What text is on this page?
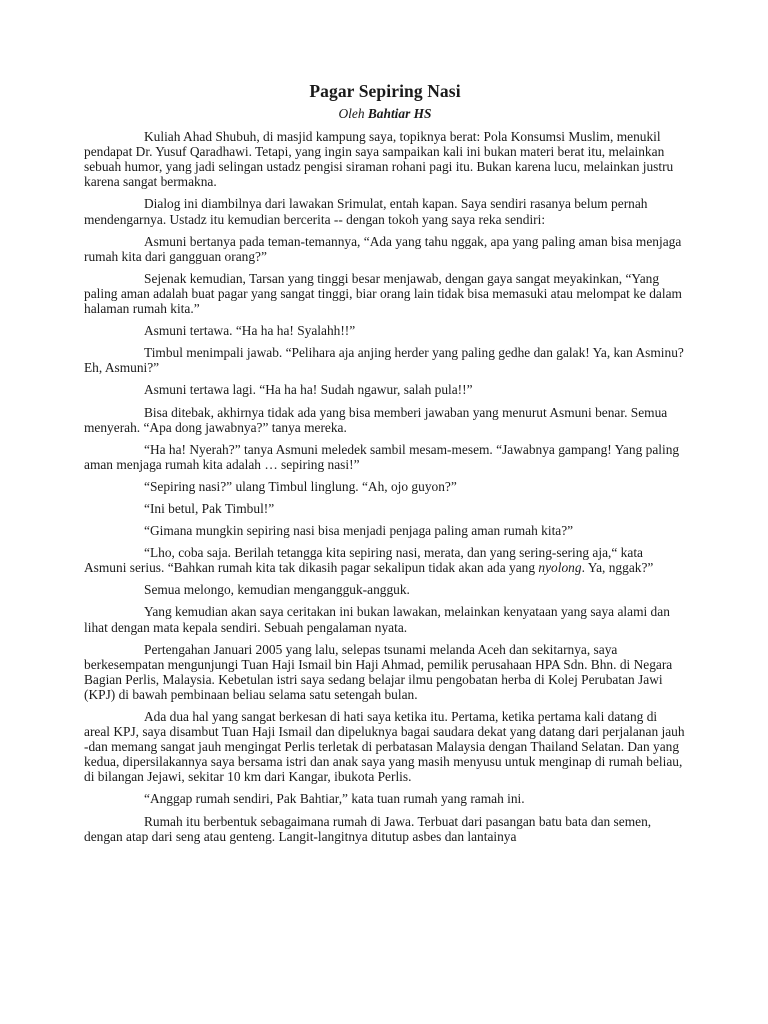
Pagar Sepiring Nasi
Oleh Bahtiar HS

Kuliah Ahad Shubuh, di masjid kampung saya, topiknya berat: Pola Konsumsi Muslim, menukil pendapat Dr. Yusuf Qaradhawi. Tetapi, yang ingin saya sampaikan kali ini bukan materi berat itu, melainkan sebuah humor, yang jadi selingan ustadz pengisi siraman rohani pagi itu. Bukan karena lucu, melainkan justru karena sangat bermakna.

Dialog ini diambilnya dari lawakan Srimulat, entah kapan. Saya sendiri rasanya belum pernah mendengarnya. Ustadz itu kemudian bercerita -- dengan tokoh yang saya reka sendiri:

Asmuni bertanya pada teman-temannya, “Ada yang tahu nggak, apa yang paling aman bisa menjaga rumah kita dari gangguan orang?”

Sejenak kemudian, Tarsan yang tinggi besar menjawab, dengan gaya sangat meyakinkan, “Yang paling aman adalah buat pagar yang sangat tinggi, biar orang lain tidak bisa memasuki atau melompat ke dalam halaman rumah kita.”

Asmuni tertawa. “Ha ha ha! Syalahh!!”

Timbul menimpali jawab. “Pelihara aja anjing herder yang paling gedhe dan galak! Ya, kan Asminu? Eh, Asmuni?”

Asmuni tertawa lagi. “Ha ha ha! Sudah ngawur, salah pula!!”

Bisa ditebak, akhirnya tidak ada yang bisa memberi jawaban yang menurut Asmuni benar. Semua menyerah. “Apa dong jawabnya?” tanya mereka.

“Ha ha! Nyerah?” tanya Asmuni meledek sambil mesam-mesem. “Jawabnya gampang! Yang paling aman menjaga rumah kita adalah … sepiring nasi!”

“Sepiring nasi?” ulang Timbul linglung. “Ah, ojo guyon?”

“Ini betul, Pak Timbul!”

“Gimana mungkin sepiring nasi bisa menjadi penjaga paling aman rumah kita?”

“Lho, coba saja. Berilah tetangga kita sepiring nasi, merata, dan yang sering-sering aja,“ kata Asmuni serius. “Bahkan rumah kita tak dikasih pagar sekalipun tidak akan ada yang nyolong. Ya, nggak?”

Semua melongo, kemudian mengangguk-angguk.

Yang kemudian akan saya ceritakan ini bukan lawakan, melainkan kenyataan yang saya alami dan lihat dengan mata kepala sendiri. Sebuah pengalaman nyata.

Pertengahan Januari 2005 yang lalu, selepas tsunami melanda Aceh dan sekitarnya, saya berkesempatan mengunjungi Tuan Haji Ismail bin Haji Ahmad, pemilik perusahaan HPA Sdn. Bhn. di Negara Bagian Perlis, Malaysia. Kebetulan istri saya sedang belajar ilmu pengobatan herba di Kolej Perubatan Jawi (KPJ) di bawah pembinaan beliau selama satu setengah bulan.

Ada dua hal yang sangat berkesan di hati saya ketika itu. Pertama, ketika pertama kali datang di areal KPJ, saya disambut Tuan Haji Ismail dan dipeluknya bagai saudara dekat yang datang dari perjalanan jauh -dan memang sangat jauh mengingat Perlis terletak di perbatasan Malaysia dengan Thailand Selatan. Dan yang kedua, dipersilakannya saya bersama istri dan anak saya yang masih menyusu untuk menginap di rumah beliau, di bilangan Jejawi, sekitar 10 km dari Kangar, ibukota Perlis.

“Anggap rumah sendiri, Pak Bahtiar,” kata tuan rumah yang ramah ini.

Rumah itu berbentuk sebagaimana rumah di Jawa. Terbuat dari pasangan batu bata dan semen, dengan atap dari seng atau genteng. Langit-langitnya ditutup asbes dan lantainya
